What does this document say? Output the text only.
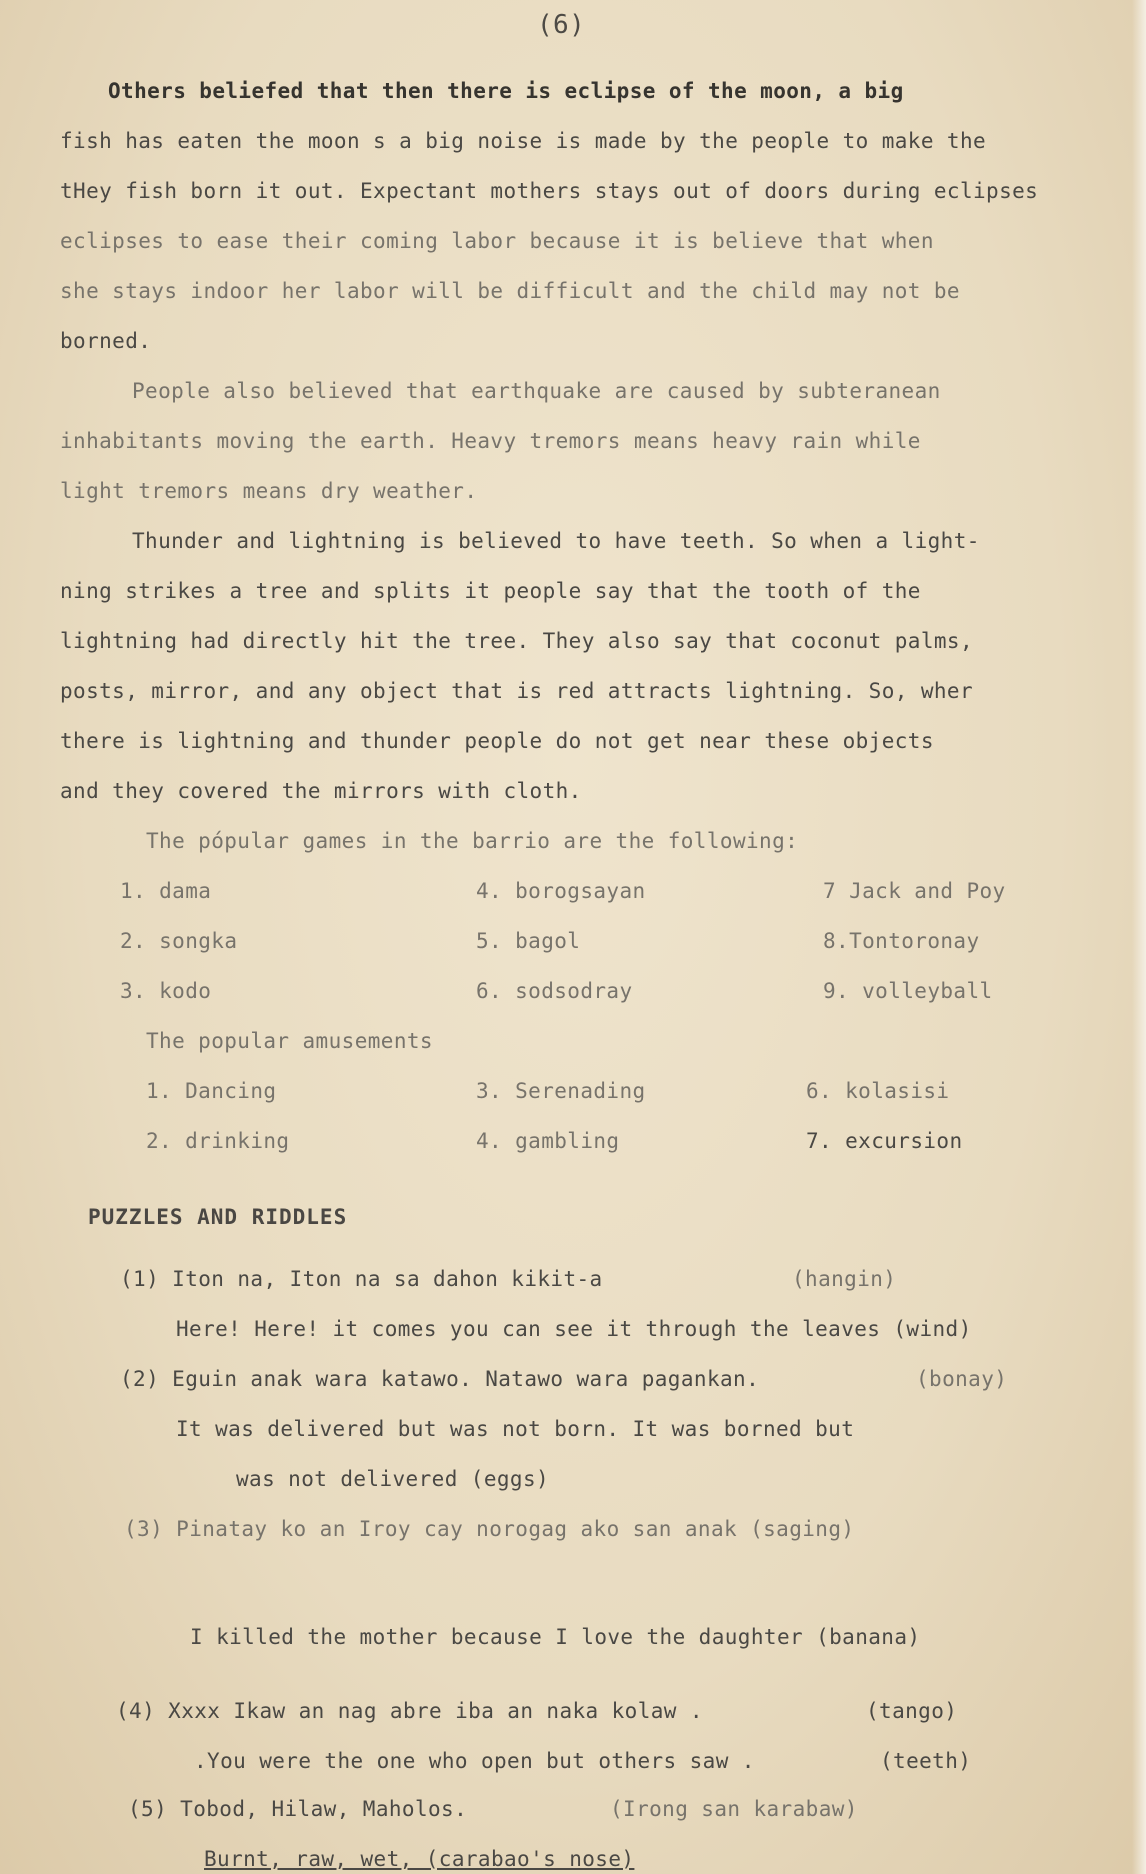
(6)
Others beliefed that then there is eclipse of the moon, a big
fish has eaten the moon s a big noise is made by the people to make the
tHey fish born it out. Expectant mothers stays out of doors during eclipses
eclipses to ease their coming labor because it is believe that when
she stays indoor her labor will be difficult and the child may not be
borned.
People also believed that earthquake are caused by subteranean
inhabitants moving the earth. Heavy tremors means heavy rain while
light tremors means dry weather.
Thunder and lightning is believed to have teeth. So when a light-
ning strikes a tree and splits it people say that the tooth of the
lightning had directly hit the tree. They also say that coconut palms,
posts, mirror, and any object that is red attracts lightning. So, wher
there is lightning and thunder people do not get near these objects
and they covered the mirrors with cloth.
The pópular games in the barrio are the following:
1. dama	4. borogsayan	7 Jack and Poy
2. songka	5. bagol	8.Tontoronay
3. kodo	6. sodsodray	9. volleyball
The popular amusements
1. Dancing	3. Serenading	6. kolasisi
2. drinking	4. gambling	7. excursion
PUZZLES AND RIDDLES
(1) Iton na, Iton na sa dahon kikit-a	(hangin)
Here! Here! it comes you can see it through the leaves (wind)
(2) Eguin anak wara katawo. Natawo wara pagankan.	(bonay)
It was delivered but was not born. It was borned but
was not delivered (eggs)
(3) Pinatay ko an Iroy cay norogag ako san anak (saging)
I killed the mother because I love the daughter (banana)
(4) Xxxx Ikaw an nag abre iba an naka kolaw .	(tango)
.You were the one who open but others saw .	(teeth)
(5) Tobod, Hilaw, Maholos.	(Irong san karabaw)
Burnt, raw, wet, (carabao's nose)
